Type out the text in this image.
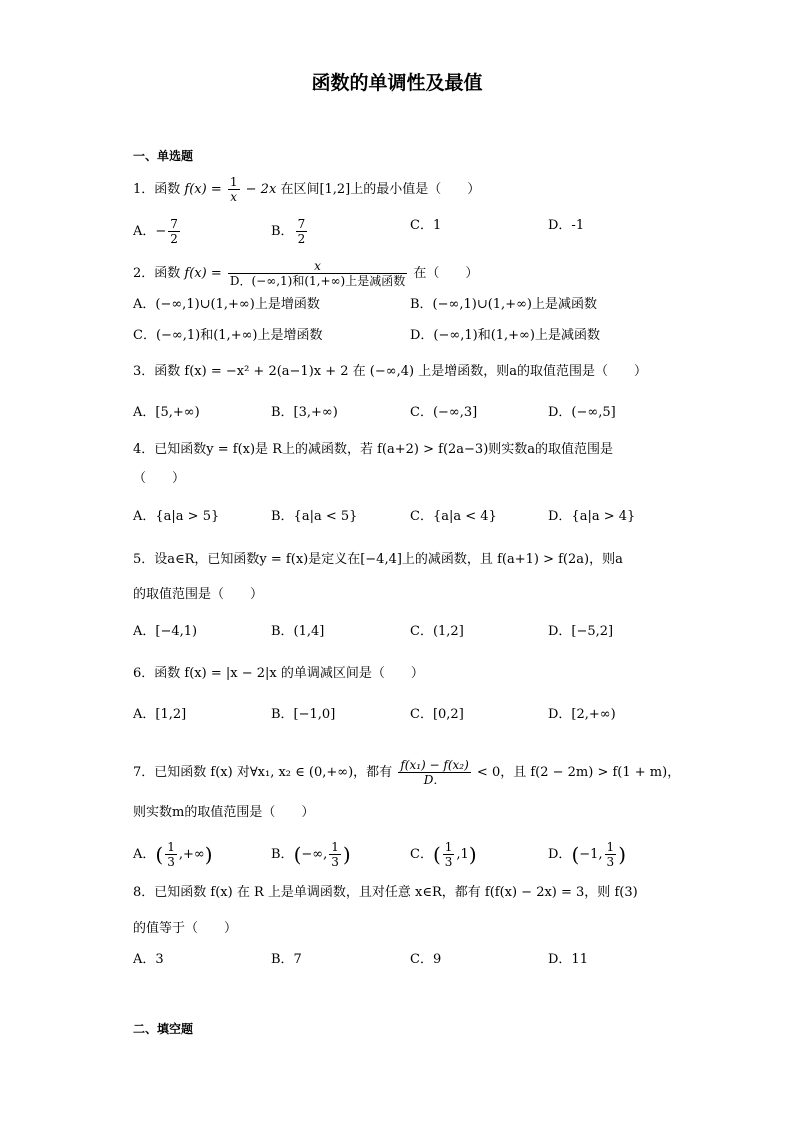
函数的单调性及最值
一、单选题
1．函数 $f(x) = \frac{1}{x} - 2x$ 在区间[1,2]上的最小值是（　　）
A．− $\frac{7}{2}$	B． $\frac{7}{2}$	C．1	D．-1
2．函数 $f(x) = \frac{x}{\text{D．(−∞,1)和(1,+∞)上是减函数}}$ 在（　　）
A．(−∞,1)∪(1,+∞)上是增函数	B．(−∞,1)∪(1,+∞)上是减函数
C．(−∞,1)和(1,+∞)上是增函数	D．(−∞,1)和(1,+∞)上是减函数
3．函数 f(x) = −x² + 2(a−1)x + 2 在 (−∞,4) 上是增函数，则a的取值范围是（　　）
A．[5,+∞)	B．[3,+∞)	C．(−∞,3]	D．(−∞,5]
4．已知函数y = f(x)是 R上的减函数，若 f(a+2) > f(2a−3)则实数a的取值范围是
（　　）
A．{a|a > 5}	B．{a|a < 5}	C．{a|a < 4}	D．{a|a > 4}
5．设a∈R，已知函数y = f(x)是定义在[−4,4]上的减函数，且 f(a+1) > f(2a)，则a
的取值范围是（　　）
A．[−4,1)	B．(1,4]	C．(1,2]	D．[−5,2]
6．函数 f(x) = |x − 2|x 的单调减区间是（　　）
A．[1,2]	B．[−1,0]	C．[0,2]	D．[2,+∞)
7．已知函数 f(x) 对∀x₁, x₂ ∈ (0,+∞)，都有 $\frac{\text{f(x₁) − f(x₂)}}{D.} < 0$，且 f(2 − 2m) > f(1 + m)，
则实数m的取值范围是（　　）
A．( $\frac{1}{3}$ ,+∞)	B．(−∞, $\frac{1}{3}$ )	C．( $\frac{1}{3} ,1$)	D．(−1, $\frac{1}{3}$ )
8．已知函数 f(x) 在 R 上是单调函数，且对任意 x∈R，都有 f(f(x) − 2x) = 3，则 f(3)
的值等于（　　）
A．3	B．7	C．9	D．11
二、填空题
